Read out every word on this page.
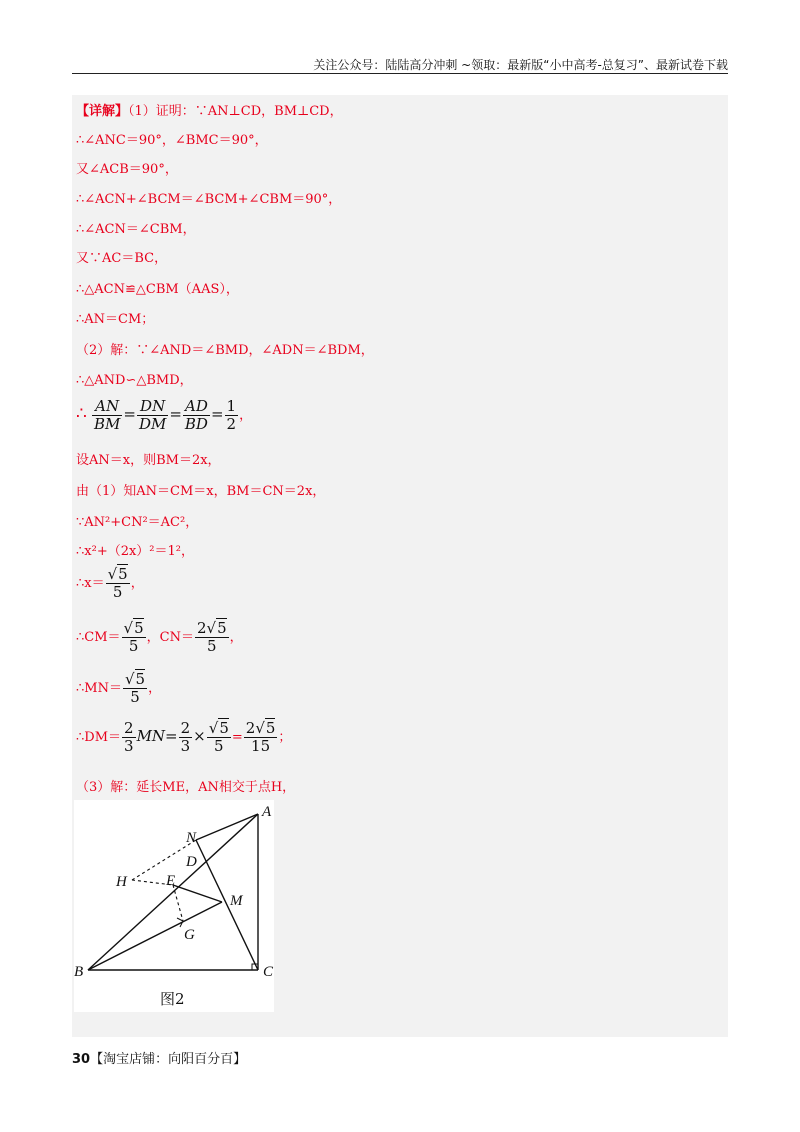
关注公众号：陆陆高分冲刺 ~领取：最新版“小中高考-总复习”、最新试卷下载
【详解】（1）证明：∵AN⊥CD，BM⊥CD，
∴∠ANC＝90°，∠BMC＝90°，
又∠ACB＝90°，
∴∠ACN+∠BCM＝∠BCM+∠CBM＝90°，
∴∠ACN＝∠CBM，
又∵AC＝BC，
∴△ACN≌△CBM（AAS），
∴AN＝CM；
（2）解：∵∠AND＝∠BMD，∠ADN＝∠BDM，
∴△AND∽△BMD，
∴ $\frac{AN}{BM} = \frac{DN}{DM} = \frac{AD}{BD} = \frac{1}{2}$ ，
设AN＝x，则BM＝2x，
由（1）知AN＝CM＝x，BM＝CN＝2x，
∵AN²+CN²＝AC²，
∴x²+（2x）²＝1²，
∴x＝ $\frac{√5}{5}$ ，
∴CM＝ $\frac{√5}{5}$ ，$CN= \frac{2√5}{5}$ ，
∴MN＝ $\frac{√5}{5}$ ，
∴DM＝ $\frac{2}{3} MN= \frac{2}{3} \times \frac{√5}{5} = \frac{2√5}{15}$ ；
（3）解：延长ME，AN相交于点H，
A
B	C
N
D
E
H
M
G
图2
30【淘宝店铺：向阳百分百】
